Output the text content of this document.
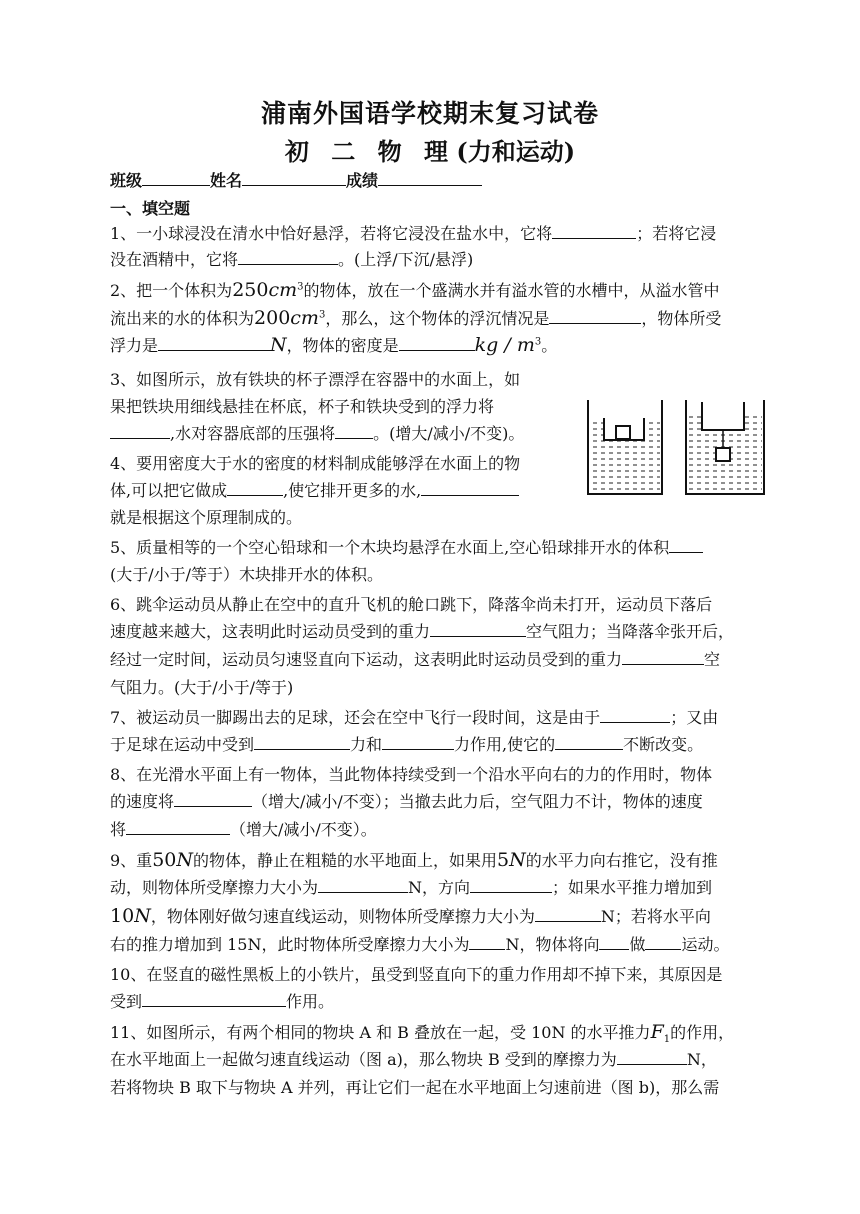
浦南外国语学校期末复习试卷
初 二 物 理 (力和运动)
班级	姓名	成绩
一、填空题
1、一小球浸没在清水中恰好悬浮，若将它浸没在盐水中，它将	；若将它浸
没在酒精中，它将	。(上浮/下沉/悬浮)
2、把一个体积为$250cm^3$的物体，放在一个盛满水并有溢水管的水槽中，从溢水管中
流出来的水的体积为$200cm^3$，那么，这个物体的浮沉情况是	，物体所受
浮力是	N，物体的密度是	kg / $m^3$。
3、如图所示，放有铁块的杯子漂浮在容器中的水面上，如
果把铁块用细线悬挂在杯底，杯子和铁块受到的浮力将
,水对容器底部的压强将 。(增大/减小/不变)。
4、要用密度大于水的密度的材料制成能够浮在水面上的物
体,可以把它做成	,使它排开更多的水,
就是根据这个原理制成的。
5、质量相等的一个空心铅球和一个木块均悬浮在水面上,空心铅球排开水的体积
(大于/小于/等于）木块排开水的体积。
6、跳伞运动员从静止在空中的直升飞机的舱口跳下，降落伞尚未打开，运动员下落后
速度越来越大，这表明此时运动员受到的重力	空气阻力；当降落伞张开后，
经过一定时间，运动员匀速竖直向下运动，这表明此时运动员受到的重力	空
气阻力。(大于/小于/等于)
7、被运动员一脚踢出去的足球，还会在空中飞行一段时间，这是由于	；又由
于足球在运动中受到	力和	力作用,使它的	不断改变。
8、在光滑水平面上有一物体，当此物体持续受到一个沿水平向右的力的作用时，物体
的速度将	（增大/减小/不变）；当撤去此力后，空气阻力不计，物体的速度
将	（增大/减小/不变）。
9、重50N的物体，静止在粗糙的水平地面上，如果用5N的水平力向右推它，没有推
动，则物体所受摩擦力大小为	N，方向	；如果水平推力增加到
10N，物体刚好做匀速直线运动，则物体所受摩擦力大小为	N；若将水平向
右的推力增加到 15N，此时物体所受摩擦力大小为 N，物体将向 做 运动。
10、在竖直的磁性黑板上的小铁片，虽受到竖直向下的重力作用却不掉下来，其原因是
受到	作用。
11、如图所示，有两个相同的物块 A 和 B 叠放在一起，受 10N 的水平推力$F_1$的作用，
在水平地面上一起做匀速直线运动（图 a)，那么物块 B 受到的摩擦力为	N，
若将物块 B 取下与物块 A 并列，再让它们一起在水平地面上匀速前进（图 b)，那么需
